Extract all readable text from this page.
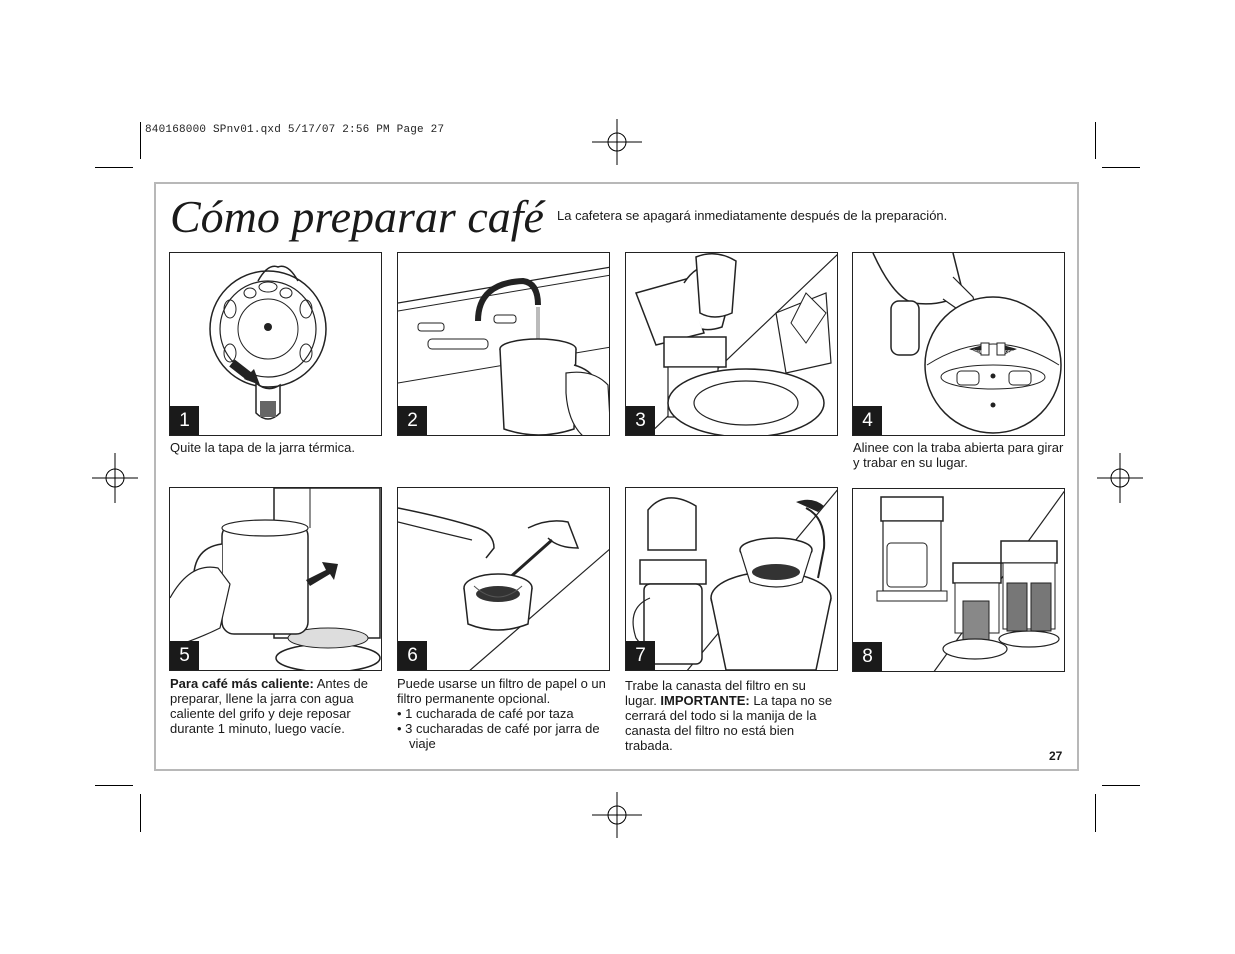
840168000 SPnv01.qxd 5/17/07 2:56 PM Page 27
Cómo preparar café La cafetera se apagará inmediatamente después de la preparación.
1	2	3
close	open
4
5	6	7	8
Quite la tapa de la jarra térmica.	Alinee con la traba abierta para girar y trabar en su lugar.
Para café más caliente: Antes de preparar, llene la jarra con agua caliente del grifo y deje reposar durante 1 minuto, luego vacíe.
Puede usarse un filtro de papel o un filtro permanente opcional.
• 1 cucharada de café por taza
• 3 cucharadas de café por jarra de viaje
Trabe la canasta del filtro en su lugar. IMPORTANTE: La tapa no se cerrará del todo si la manija de la canasta del filtro no está bien trabada.
27
